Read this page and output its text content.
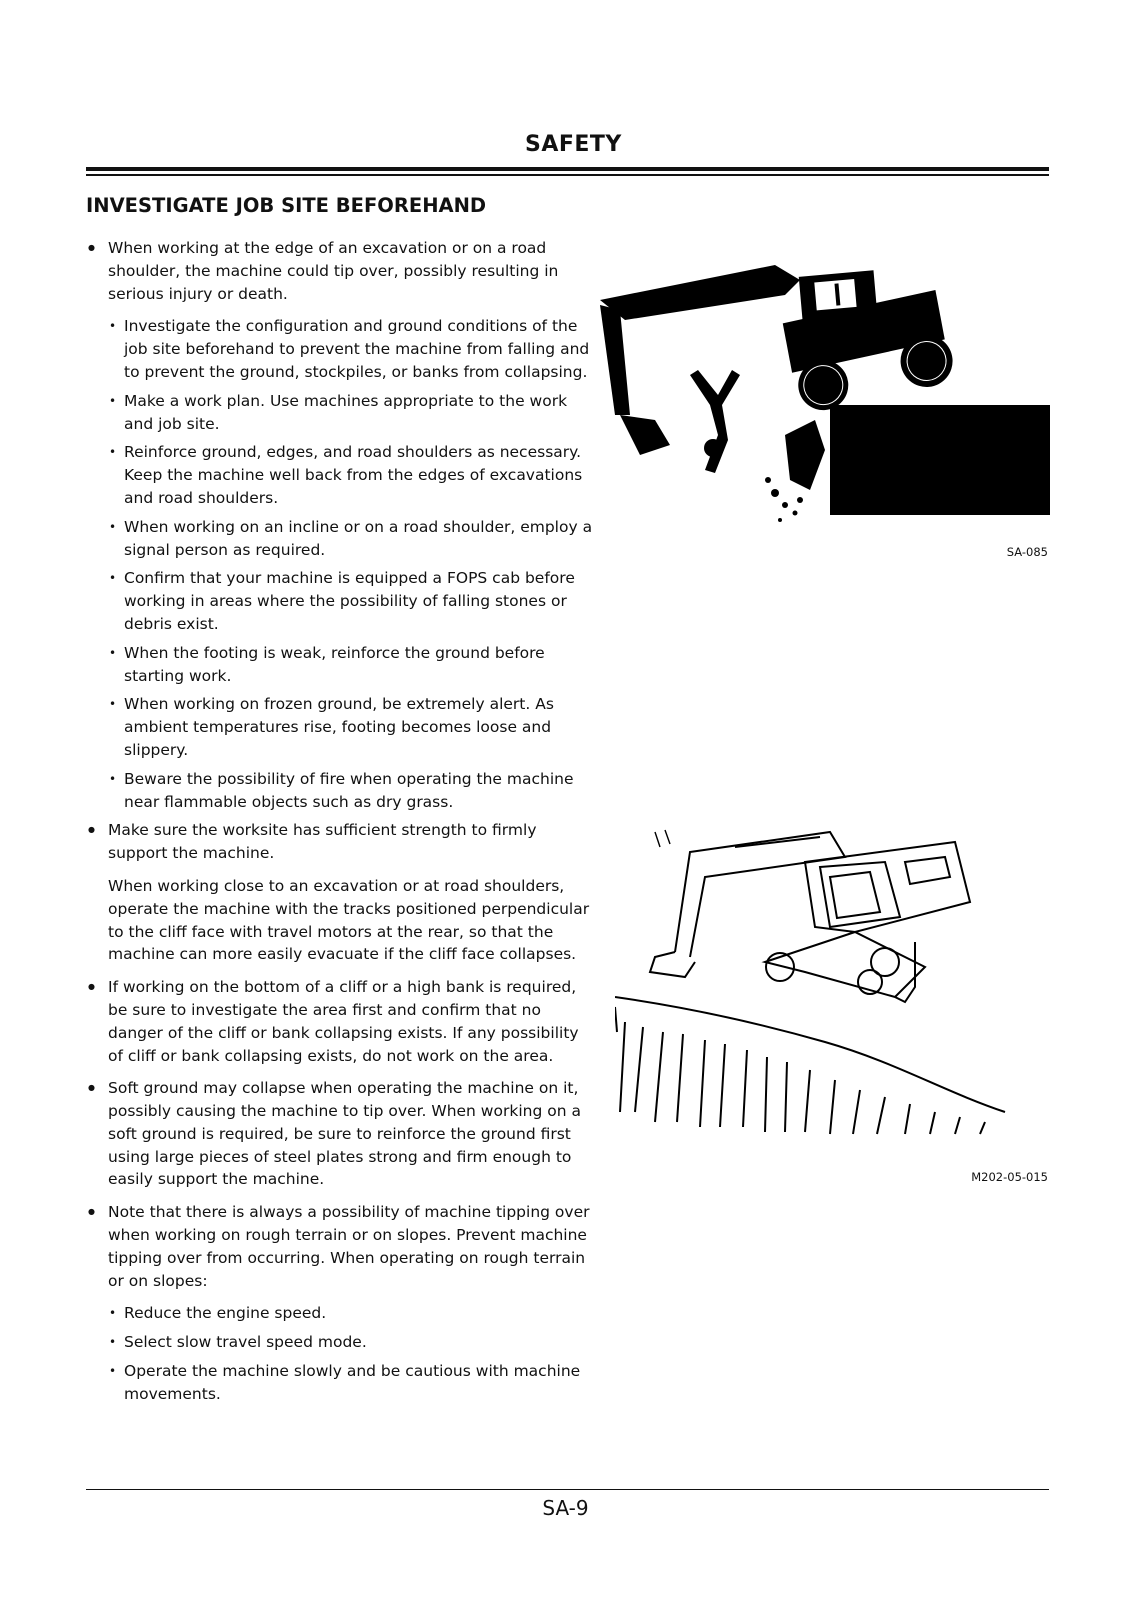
SAFETY
INVESTIGATE JOB SITE BEFOREHAND

● When working at the edge of an excavation or on a road shoulder, the machine could tip over, possibly resulting in serious injury or death.

• Investigate the configuration and ground conditions of the job site beforehand to prevent the machine from falling and to prevent the ground, stockpiles, or banks from collapsing.

• Make a work plan. Use machines appropriate to the work and job site.

• Reinforce ground, edges, and road shoulders as necessary. Keep the machine well back from the edges of excavations and road shoulders.

• When working on an incline or on a road shoulder, employ a signal person as required.

• Confirm that your machine is equipped a FOPS cab before working in areas where the possibility of falling stones or debris exist.

• When the footing is weak, reinforce the ground before starting work.

• When working on frozen ground, be extremely alert. As ambient temperatures rise, footing becomes loose and slippery.

• Beware the possibility of fire when operating the machine near flammable objects such as dry grass.

● Make sure the worksite has sufficient strength to firmly support the machine.

When working close to an excavation or at road shoulders, operate the machine with the tracks positioned perpendicular to the cliff face with travel motors at the rear, so that the machine can more easily evacuate if the cliff face collapses.

● If working on the bottom of a cliff or a high bank is required, be sure to investigate the area first and confirm that no danger of the cliff or bank collapsing exists. If any possibility of cliff or bank collapsing exists, do not work on the area.

● Soft ground may collapse when operating the machine on it, possibly causing the machine to tip over. When working on a soft ground is required, be sure to reinforce the ground first using large pieces of steel plates strong and firm enough to easily support the machine.

● Note that there is always a possibility of machine tipping over when working on rough terrain or on slopes. Prevent machine tipping over from occurring. When operating on rough terrain or on slopes:

• Reduce the engine speed.

• Select slow travel speed mode.

• Operate the machine slowly and be cautious with machine movements.

SA-085
M202-05-015
SA-9
